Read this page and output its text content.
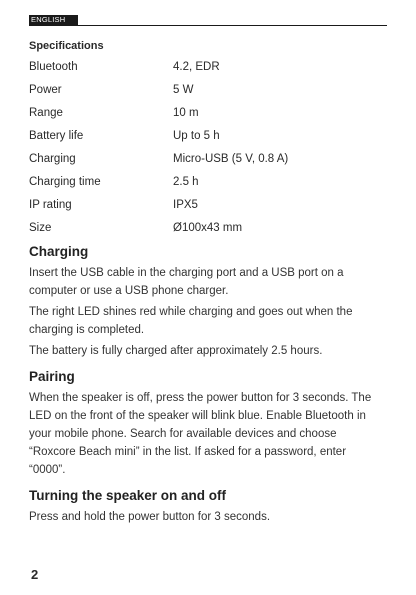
ENGLISH
Specifications
Bluetooth	4.2, EDR
Power	5 W
Range	10 m
Battery life	Up to 5 h
Charging	Micro-USB (5 V, 0.8 A)
Charging time	2.5 h
IP rating	IPX5
Size	Ø100x43 mm
Charging

Insert the USB cable in the charging port and a USB port on a computer or use a USB phone charger.

The right LED shines red while charging and goes out when the charging is completed.

The battery is fully charged after approximately 2.5 hours.

Pairing

When the speaker is off, press the power button for 3 seconds. The LED on the front of the speaker will blink blue. Enable Bluetooth in your mobile phone. Search for available devices and choose “Roxcore Beach mini” in the list. If asked for a password, enter “0000”.

Turning the speaker on and off

Press and hold the power button for 3 seconds.

2
